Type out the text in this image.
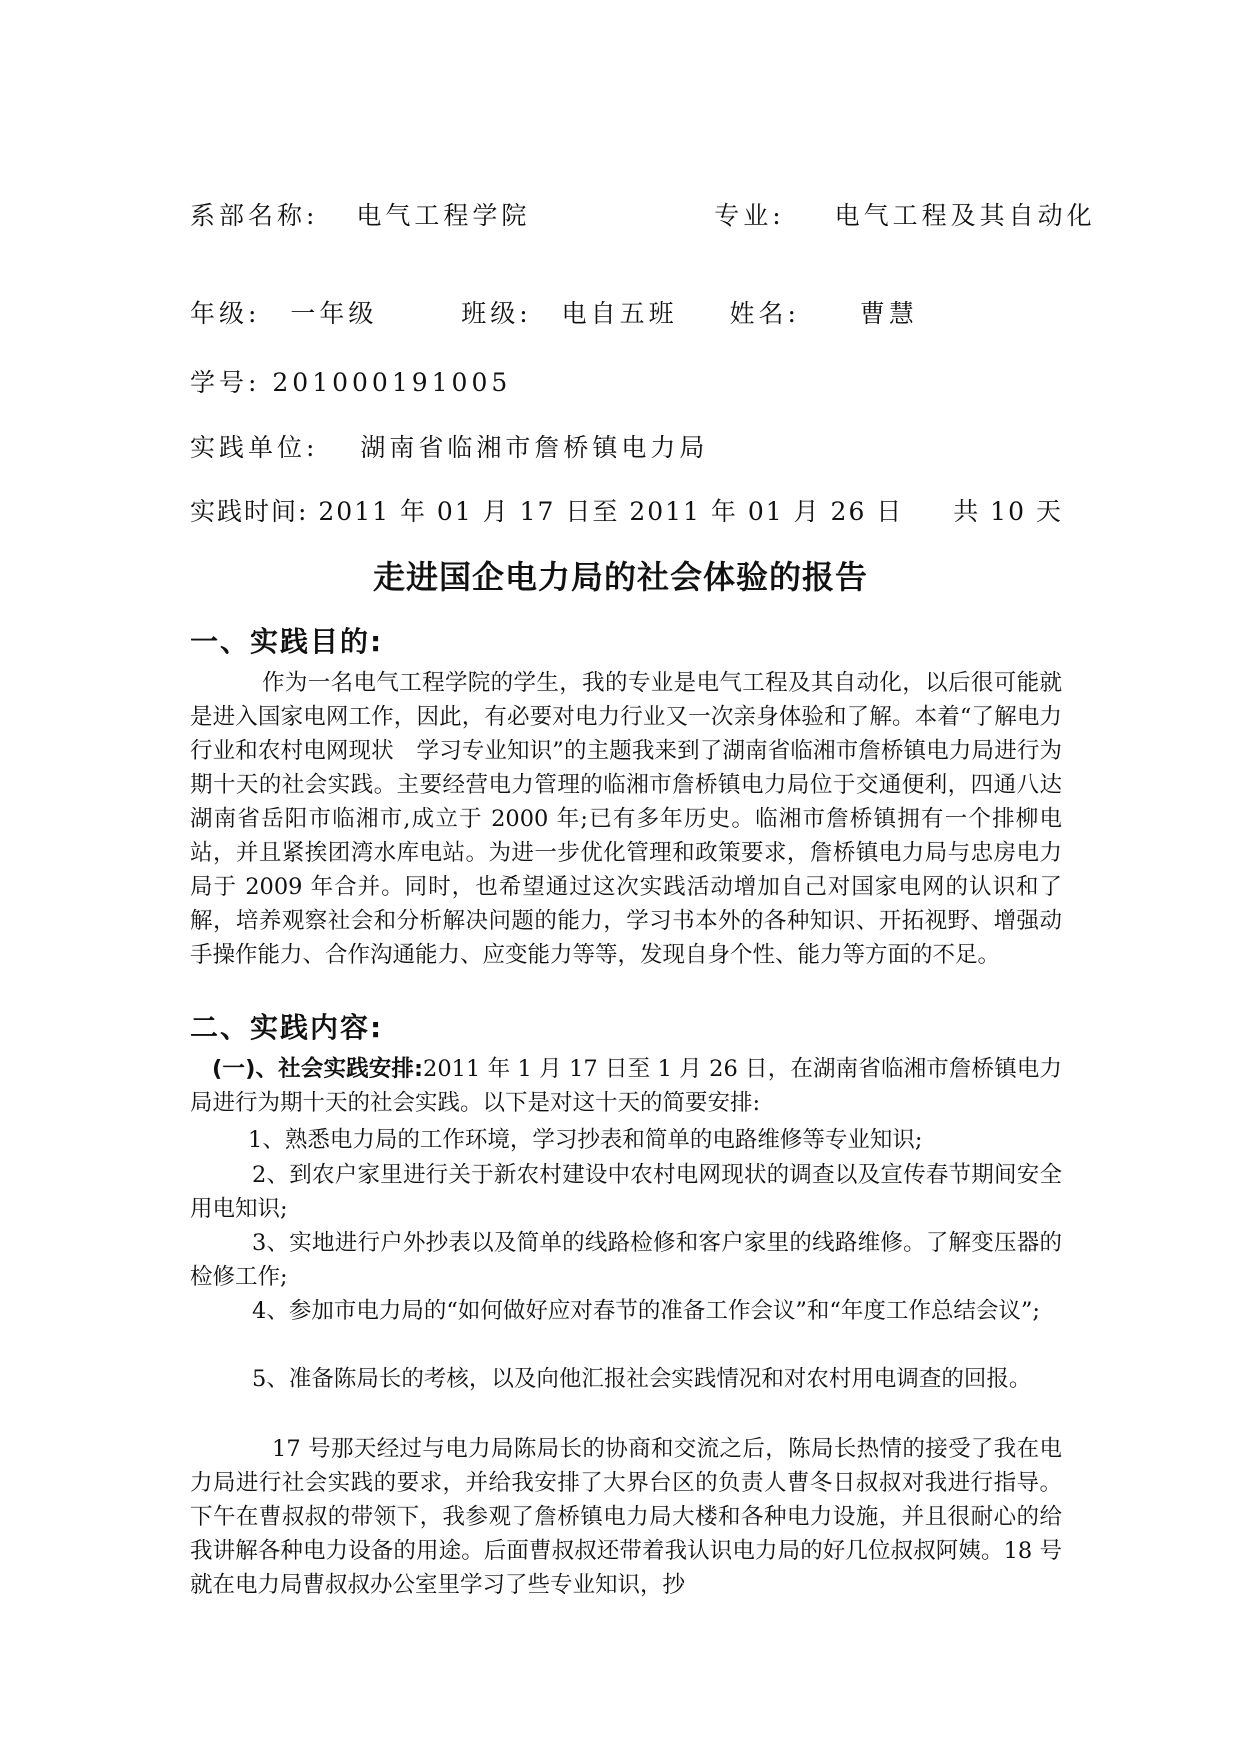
系部名称: 电气工程学院	专业: 电气工程及其自动化
年级: 一年级	班级: 电自五班 姓名: 曹慧
学号: 201000191005
实践单位: 湖南省临湘市詹桥镇电力局
实践时间: 2011 年 01 月 17 日至 2011 年 01 月 26 日 共 10 天
走进国企电力局的社会体验的报告
一、实践目的:
作为一名电气工程学院的学生，我的专业是电气工程及其自动化，以后很可能就是进入国家电网工作，因此，有必要对电力行业又一次亲身体验和了解。本着“了解电力行业和农村电网现状　学习专业知识”的主题我来到了湖南省临湘市詹桥镇电力局进行为期十天的社会实践。主要经营电力管理的临湘市詹桥镇电力局位于交通便利，四通八达湖南省岳阳市临湘市,成立于 2000 年;已有多年历史。临湘市詹桥镇拥有一个排柳电站，并且紧挨团湾水库电站。为进一步优化管理和政策要求，詹桥镇电力局与忠房电力局于 2009 年合并。同时，也希望通过这次实践活动增加自己对国家电网的认识和了解，培养观察社会和分析解决问题的能力，学习书本外的各种知识、开拓视野、增强动手操作能力、合作沟通能力、应变能力等等，发现自身个性、能力等方面的不足。
二、实践内容:
(一)、社会实践安排:2011 年 1 月 17 日至 1 月 26 日，在湖南省临湘市詹桥镇电力局进行为期十天的社会实践。以下是对这十天的简要安排:
1、熟悉电力局的工作环境，学习抄表和简单的电路维修等专业知识;
2、到农户家里进行关于新农村建设中农村电网现状的调查以及宣传春节期间安全用电知识;
3、实地进行户外抄表以及简单的线路检修和客户家里的线路维修。了解变压器的检修工作;
4、参加市电力局的“如何做好应对春节的准备工作会议”和“年度工作总结会议”;
5、准备陈局长的考核，以及向他汇报社会实践情况和对农村用电调查的回报。
17 号那天经过与电力局陈局长的协商和交流之后，陈局长热情的接受了我在电力局进行社会实践的要求，并给我安排了大界台区的负责人曹冬日叔叔对我进行指导。下午在曹叔叔的带领下，我参观了詹桥镇电力局大楼和各种电力设施，并且很耐心的给我讲解各种电力设备的用途。后面曹叔叔还带着我认识电力局的好几位叔叔阿姨。18 号就在电力局曹叔叔办公室里学习了些专业知识，抄
